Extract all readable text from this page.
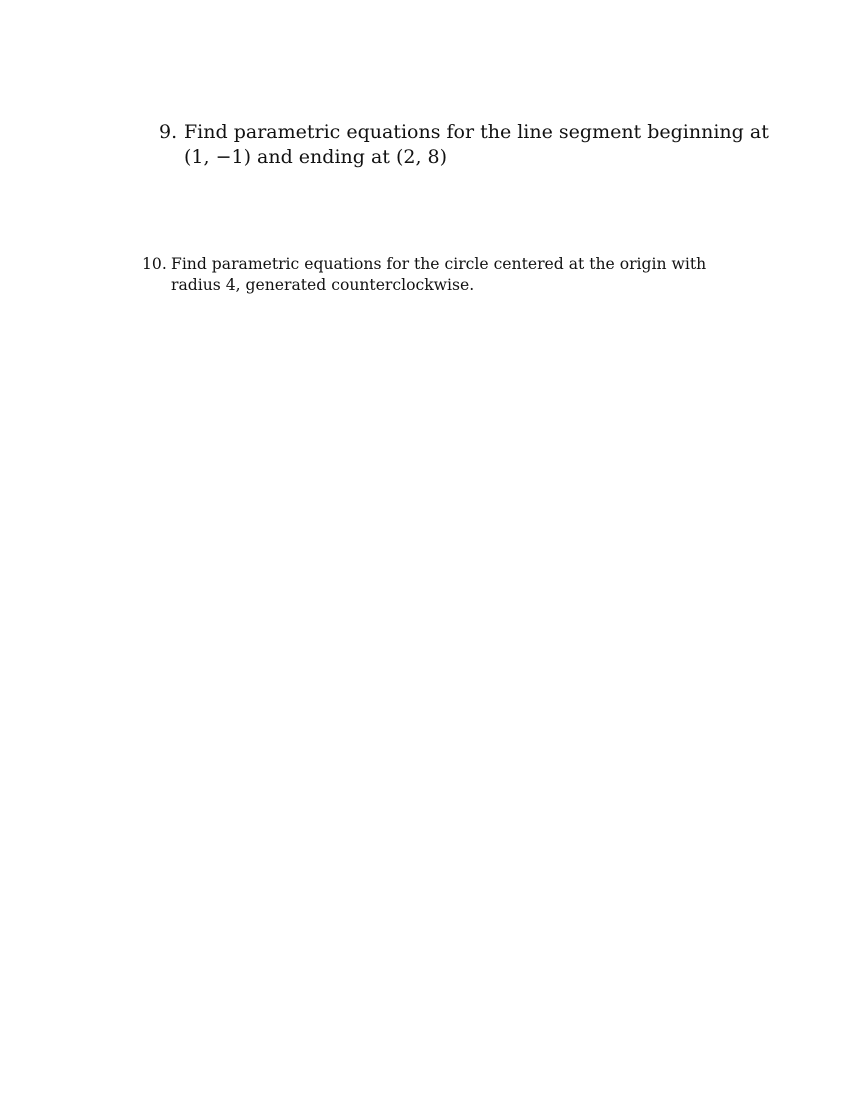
9. Find parametric equations for the line segment beginning at
(1, −1) and ending at (2, 8)
10. Find parametric equations for the circle centered at the origin with
radius 4, generated counterclockwise.
